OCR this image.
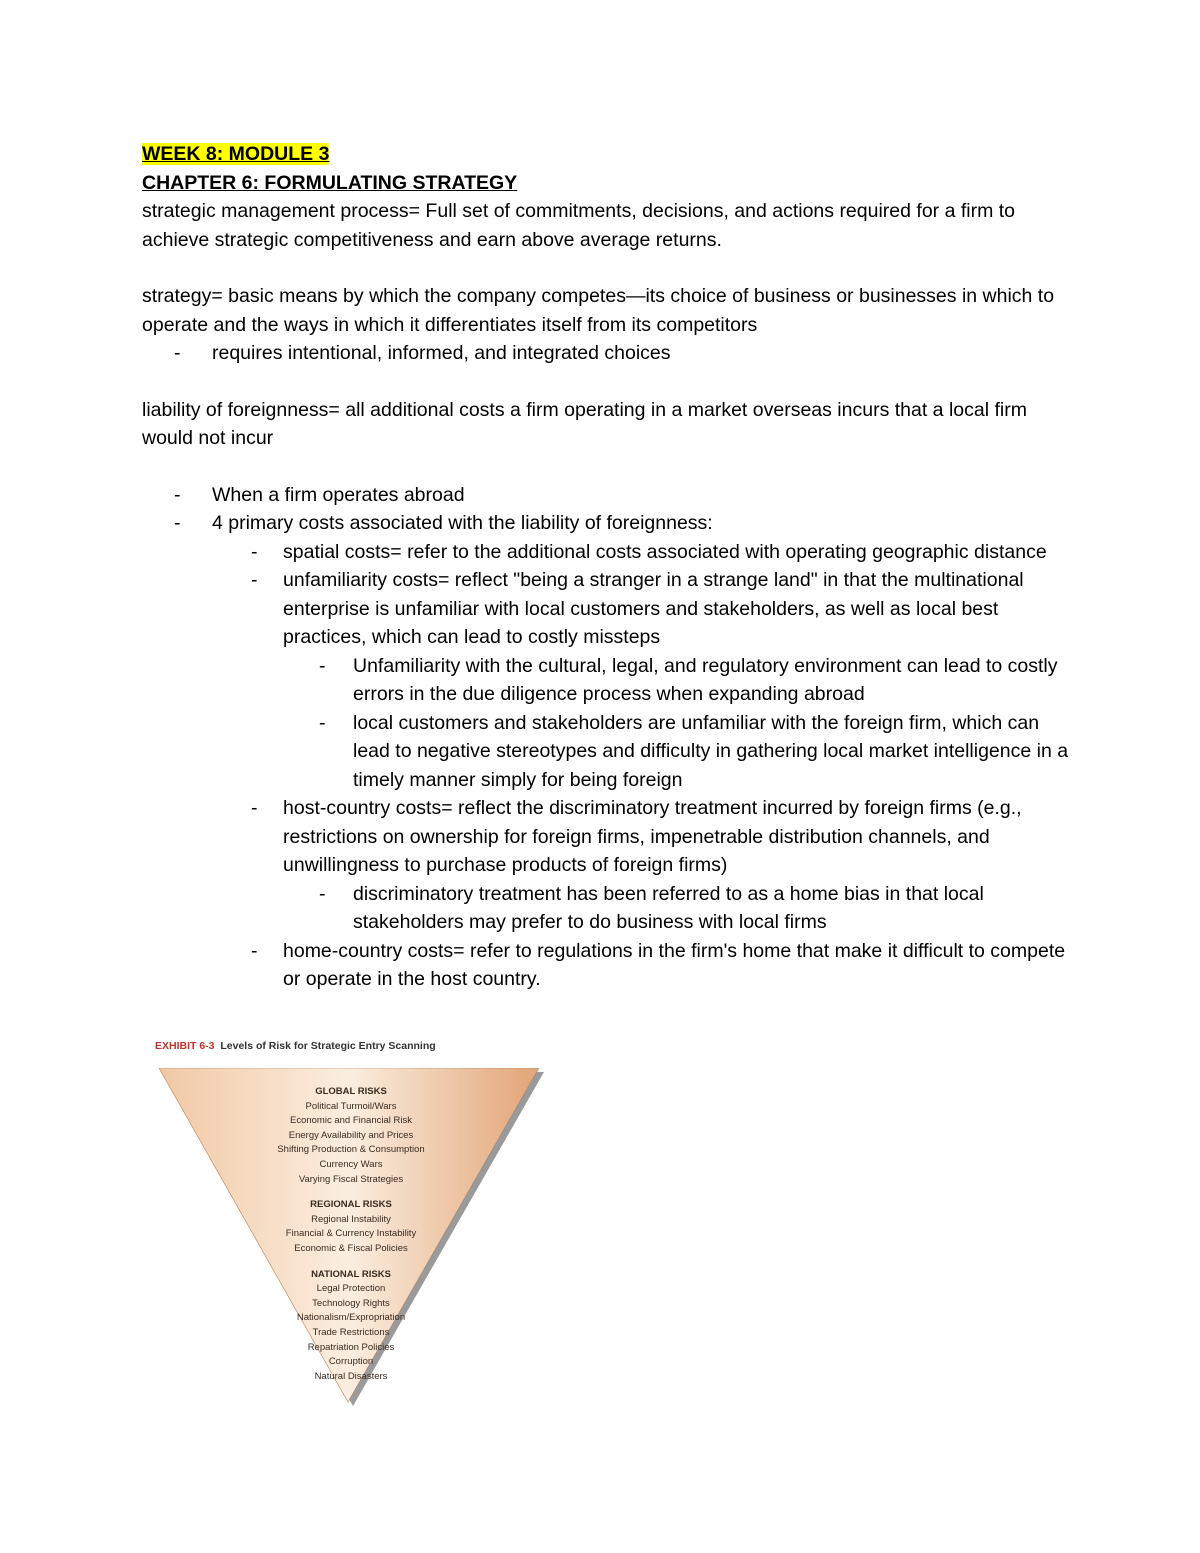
WEEK 8: MODULE 3

CHAPTER 6: FORMULATING STRATEGY

strategic management process= Full set of commitments, decisions, and actions required for a firm to achieve strategic competitiveness and earn above average returns.

strategy= basic means by which the company competes—its choice of business or businesses in which to operate and the ways in which it differentiates itself from its competitors

- requires intentional, informed, and integrated choices

liability of foreignness= all additional costs a firm operating in a market overseas incurs that a local firm would not incur

- When a firm operates abroad
- 4 primary costs associated with the liability of foreignness:
- spatial costs= refer to the additional costs associated with operating geographic distance
- unfamiliarity costs= reflect "being a stranger in a strange land" in that the multinational enterprise is unfamiliar with local customers and stakeholders, as well as local best practices, which can lead to costly missteps
- Unfamiliarity with the cultural, legal, and regulatory environment can lead to costly errors in the due diligence process when expanding abroad
- local customers and stakeholders are unfamiliar with the foreign firm, which can lead to negative stereotypes and difficulty in gathering local market intelligence in a timely manner simply for being foreign
- host-country costs= reflect the discriminatory treatment incurred by foreign firms (e.g., restrictions on ownership for foreign firms, impenetrable distribution channels, and unwillingness to purchase products of foreign firms)
- discriminatory treatment has been referred to as a home bias in that local stakeholders may prefer to do business with local firms
- home-country costs= refer to regulations in the firm's home that make it difficult to compete or operate in the host country.
EXHIBIT 6-3 Levels of Risk for Strategic Entry Scanning
GLOBAL RISKS
Political Turmoil/Wars
Economic and Financial Risk
Energy Availability and Prices
Shifting Production & Consumption
Currency Wars
Varying Fiscal Strategies
REGIONAL RISKS
Regional Instability
Financial & Currency Instability
Economic & Fiscal Policies
NATIONAL RISKS
Legal Protection
Technology Rights
Nationalism/Expropriation
Trade Restrictions
Repatriation Policies
Corruption
Natural Disasters
